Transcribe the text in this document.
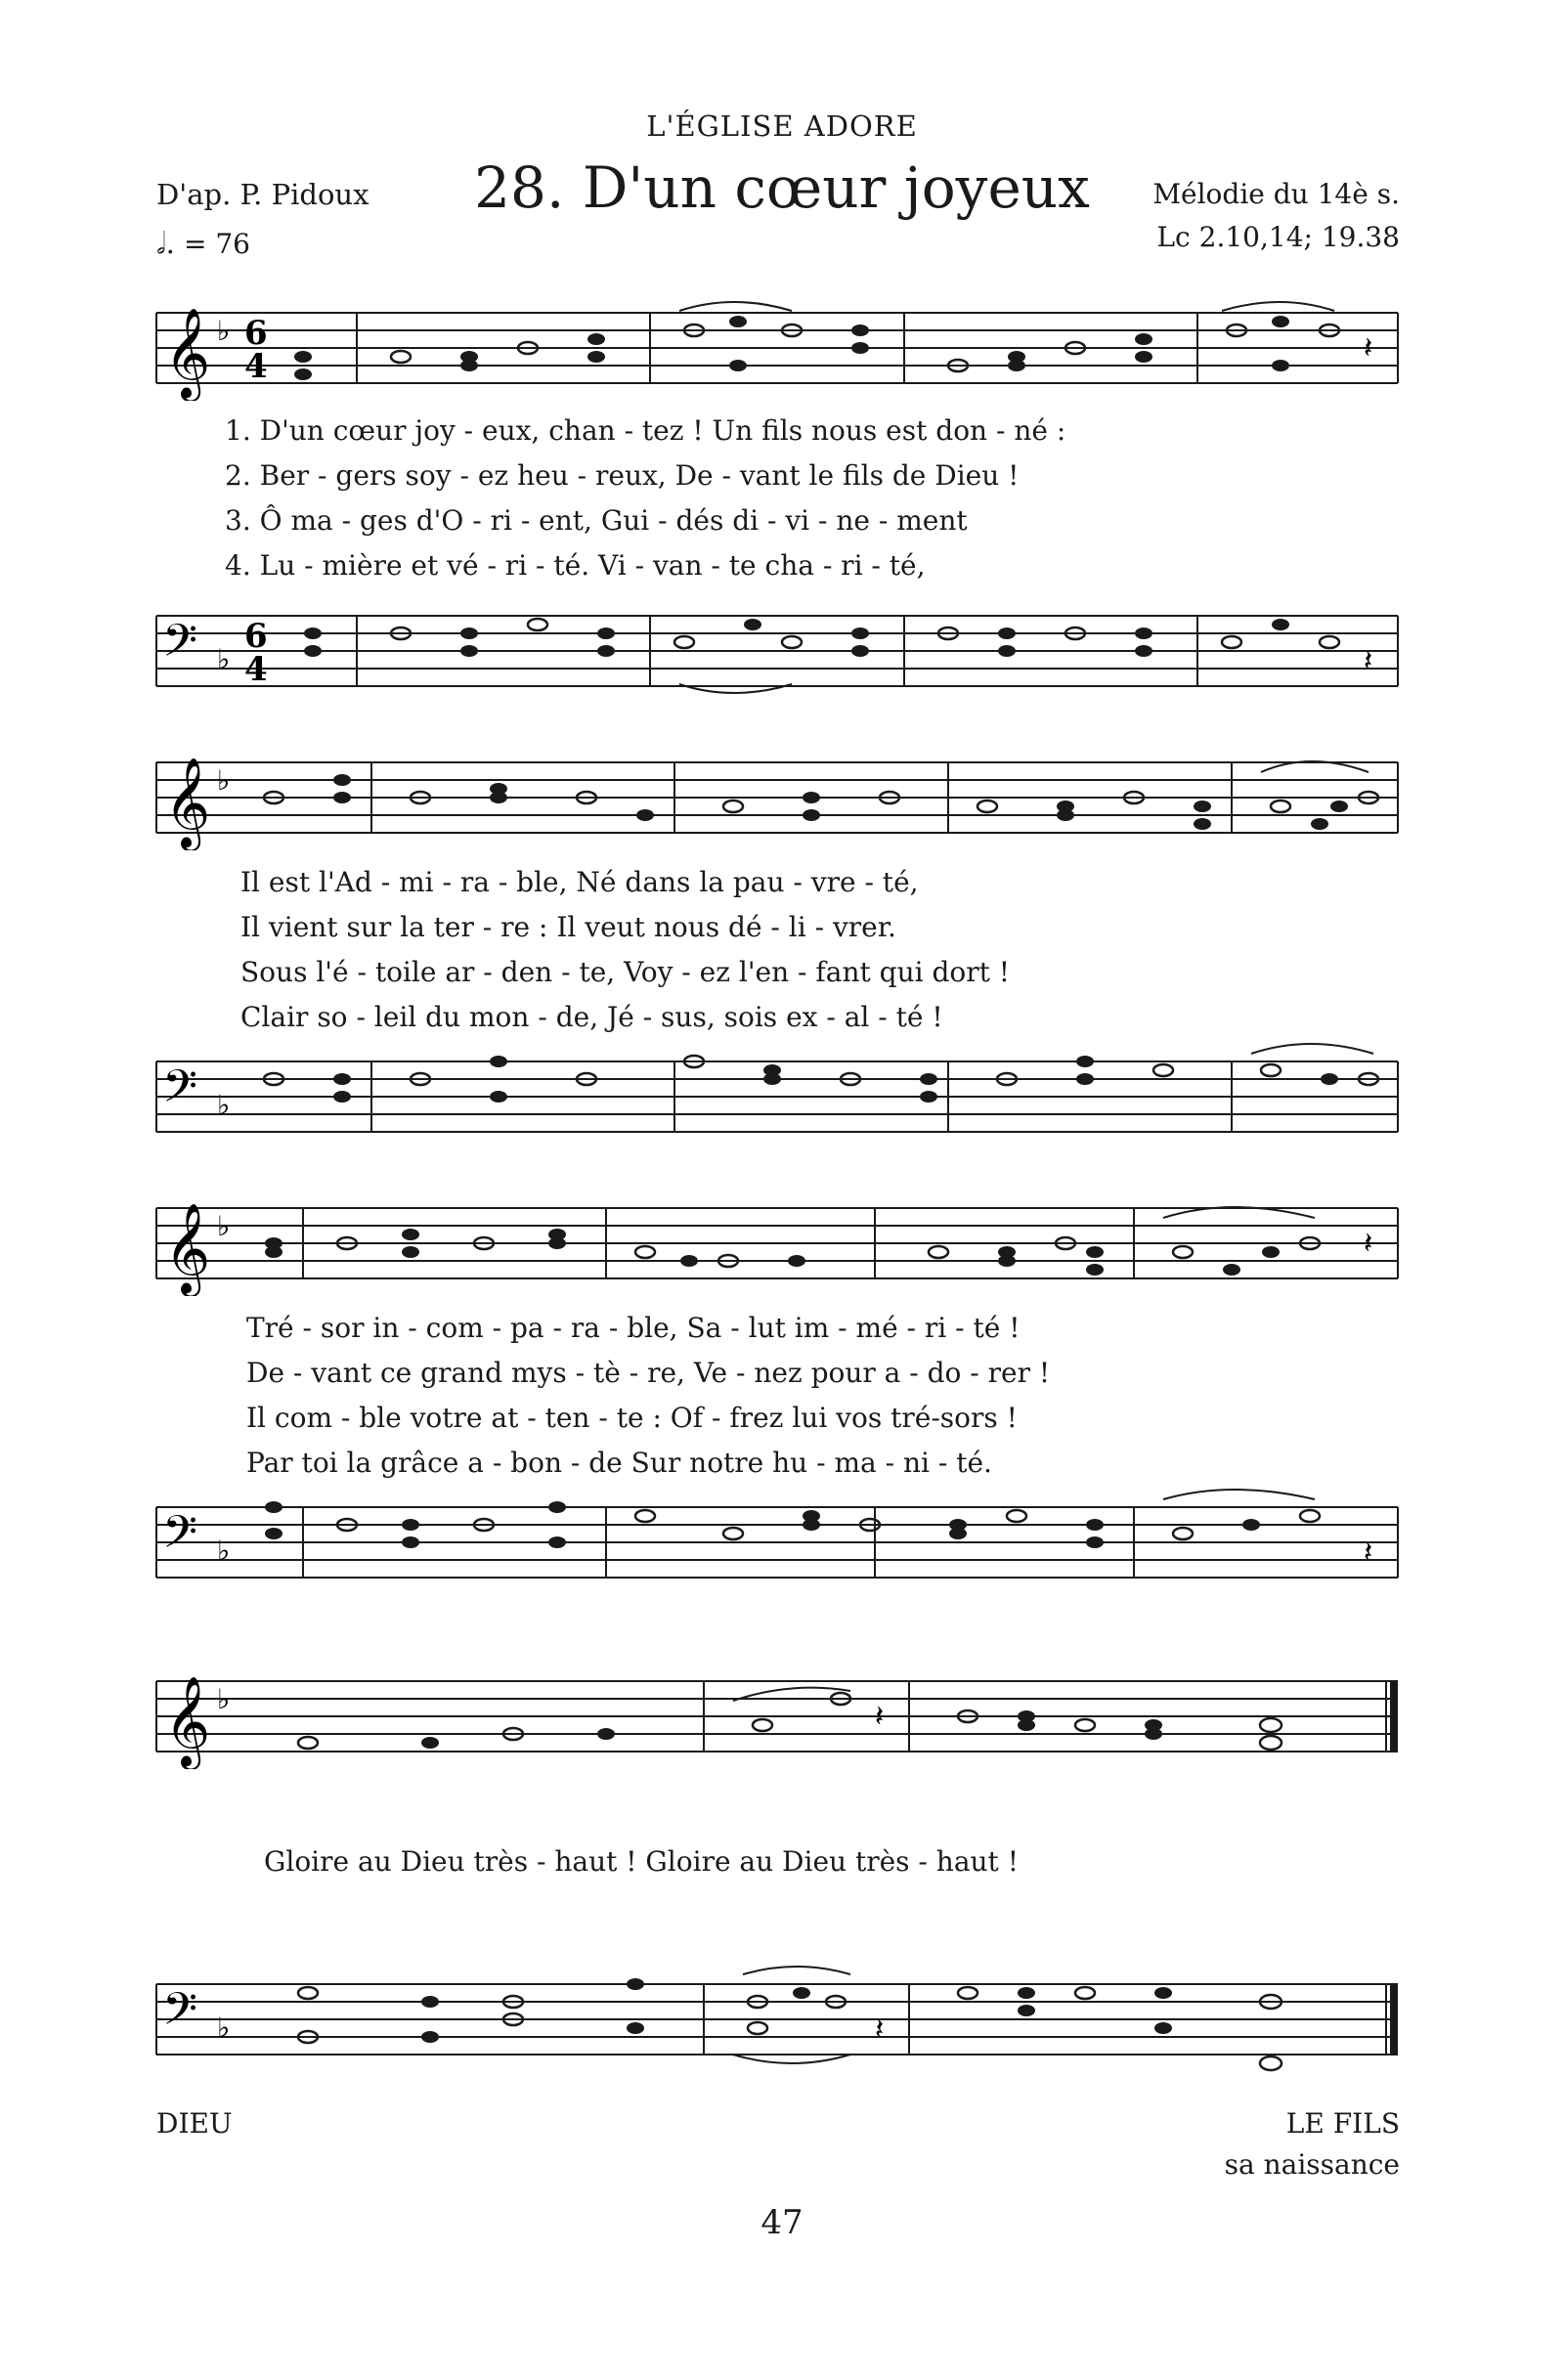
L'ÉGLISE ADORE
28. D'un cœur joyeux
D'ap. P. Pidoux	Mélodie du 14è s.
Lc 2.10,14; 19.38
𝅗𝅥. = 76
𝄞 ♭ 6
4	𝄽
1. D'un cœur joy - eux, chan - tez ! Un fils nous est don - né :
2. Ber - gers soy - ez heu - reux, De - vant le fils de Dieu !
3. Ô ma - ges d'O - ri - ent, Gui - dés di - vi - ne - ment
4. Lu - mière et vé - ri - té. Vi - van - te cha - ri - té,
𝄢 ♭
6
4	𝄽
𝄞 ♭
Il est l'Ad - mi - ra - ble, Né dans la pau - vre - té,
Il vient sur la ter - re : Il veut nous dé - li - vrer.
Sous l'é - toile ar - den - te, Voy - ez l'en - fant qui dort !
Clair so - leil du mon - de, Jé - sus, sois ex - al - té !
𝄢 ♭
𝄞 ♭
𝄽
Tré - sor in - com - pa - ra - ble, Sa - lut im - mé - ri - té !
De - vant ce grand mys - tè - re, Ve - nez pour a - do - rer !
Il com - ble votre at - ten - te : Of - frez lui vos tré-sors !
Par toi la grâce a - bon - de Sur notre hu - ma - ni - té.
𝄢 ♭	𝄽
𝄞 ♭
𝄽
Gloire au Dieu très - haut ! Gloire au Dieu très - haut !
𝄢 ♭	𝄽
DIEU	LE FILS
sa naissance
47
